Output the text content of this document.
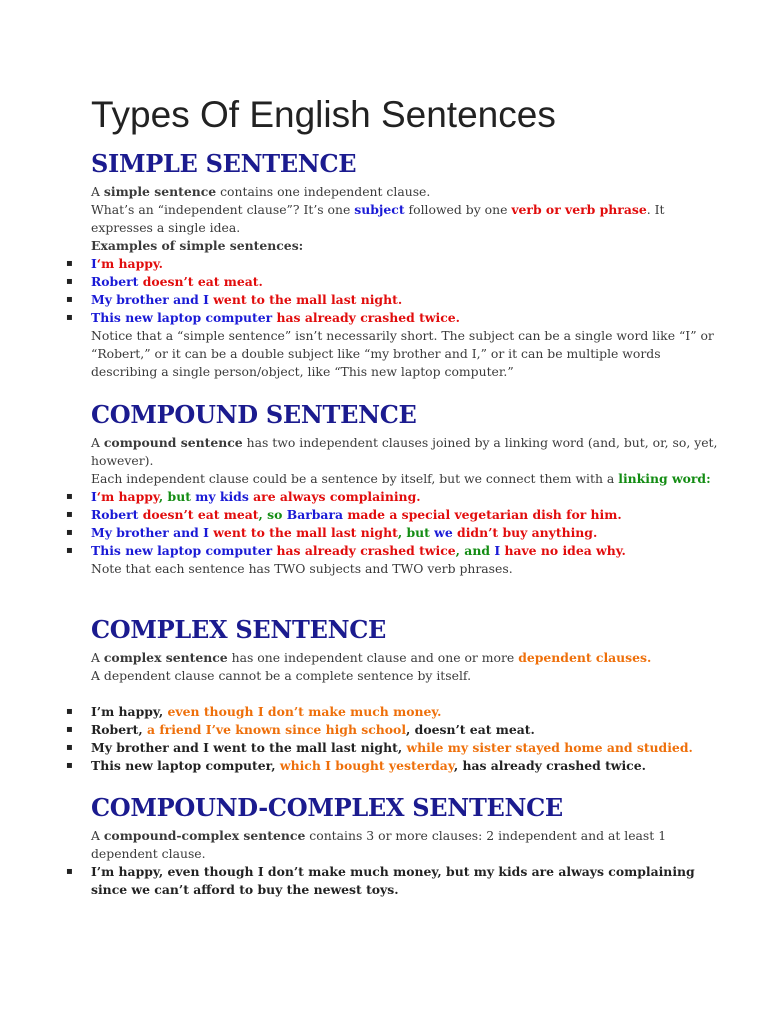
Types Of English Sentences
SIMPLE SENTENCE
A simple sentence contains one independent clause.
What’s an “independent clause”? It’s one subject followed by one verb or verb phrase. It expresses a single idea.
Examples of simple sentences:
▪ I‘m happy.
▪ Robert doesn’t eat meat.
▪ My brother and I went to the mall last night.
▪ This new laptop computer has already crashed twice.
Notice that a “simple sentence” isn’t necessarily short. The subject can be a single word like “I” or “Robert,” or it can be a double subject like “my brother and I,” or it can be multiple words describing a single person/object, like “This new laptop computer.”
COMPOUND SENTENCE
A compound sentence has two independent clauses joined by a linking word (and, but, or, so, yet, however).
Each independent clause could be a sentence by itself, but we connect them with a linking word:
▪ I‘m happy, but my kids are always complaining.
▪ Robert doesn’t eat meat, so Barbara made a special vegetarian dish for him.
▪ My brother and I went to the mall last night, but we didn’t buy anything.
▪ This new laptop computer has already crashed twice, and I have no idea why.
Note that each sentence has TWO subjects and TWO verb phrases.
COMPLEX SENTENCE
A complex sentence has one independent clause and one or more dependent clauses.
A dependent clause cannot be a complete sentence by itself.
▪ I’m happy, even though I don’t make much money.
▪ Robert, a friend I’ve known since high school, doesn’t eat meat.
▪ My brother and I went to the mall last night, while my sister stayed home and studied.
▪ This new laptop computer, which I bought yesterday, has already crashed twice.
COMPOUND-COMPLEX SENTENCE
A compound-complex sentence contains 3 or more clauses: 2 independent and at least 1 dependent clause.
▪ I’m happy, even though I don’t make much money, but my kids are always complaining since we can’t afford to buy the newest toys.
